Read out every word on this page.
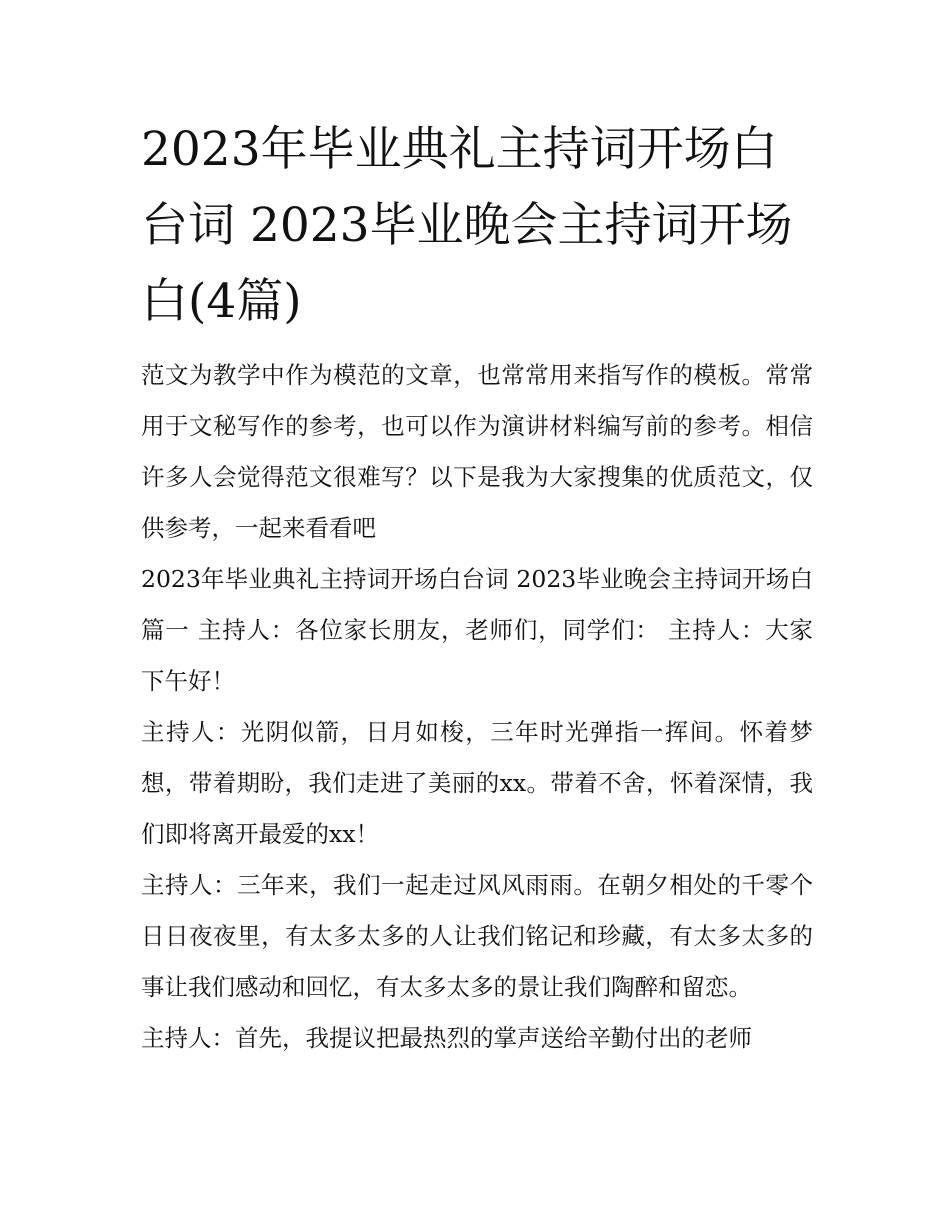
2023年毕业典礼主持词开场白台词 2023毕业晚会主持词开场白(4篇)

范文为教学中作为模范的文章，也常常用来指写作的模板。常常用于文秘写作的参考，也可以作为演讲材料编写前的参考。相信许多人会觉得范文很难写？以下是我为大家搜集的优质范文，仅供参考，一起来看看吧

2023年毕业典礼主持词开场白台词 2023毕业晚会主持词开场白篇一 主持人：各位家长朋友，老师们，同学们： 主持人：大家下午好！

主持人：光阴似箭，日月如梭，三年时光弹指一挥间。怀着梦想，带着期盼，我们走进了美丽的xx。带着不舍，怀着深情，我们即将离开最爱的xx！

主持人：三年来，我们一起走过风风雨雨。在朝夕相处的千零个日日夜夜里，有太多太多的人让我们铭记和珍藏，有太多太多的事让我们感动和回忆，有太多太多的景让我们陶醉和留恋。

主持人：首先，我提议把最热烈的掌声送给辛勤付出的老师
